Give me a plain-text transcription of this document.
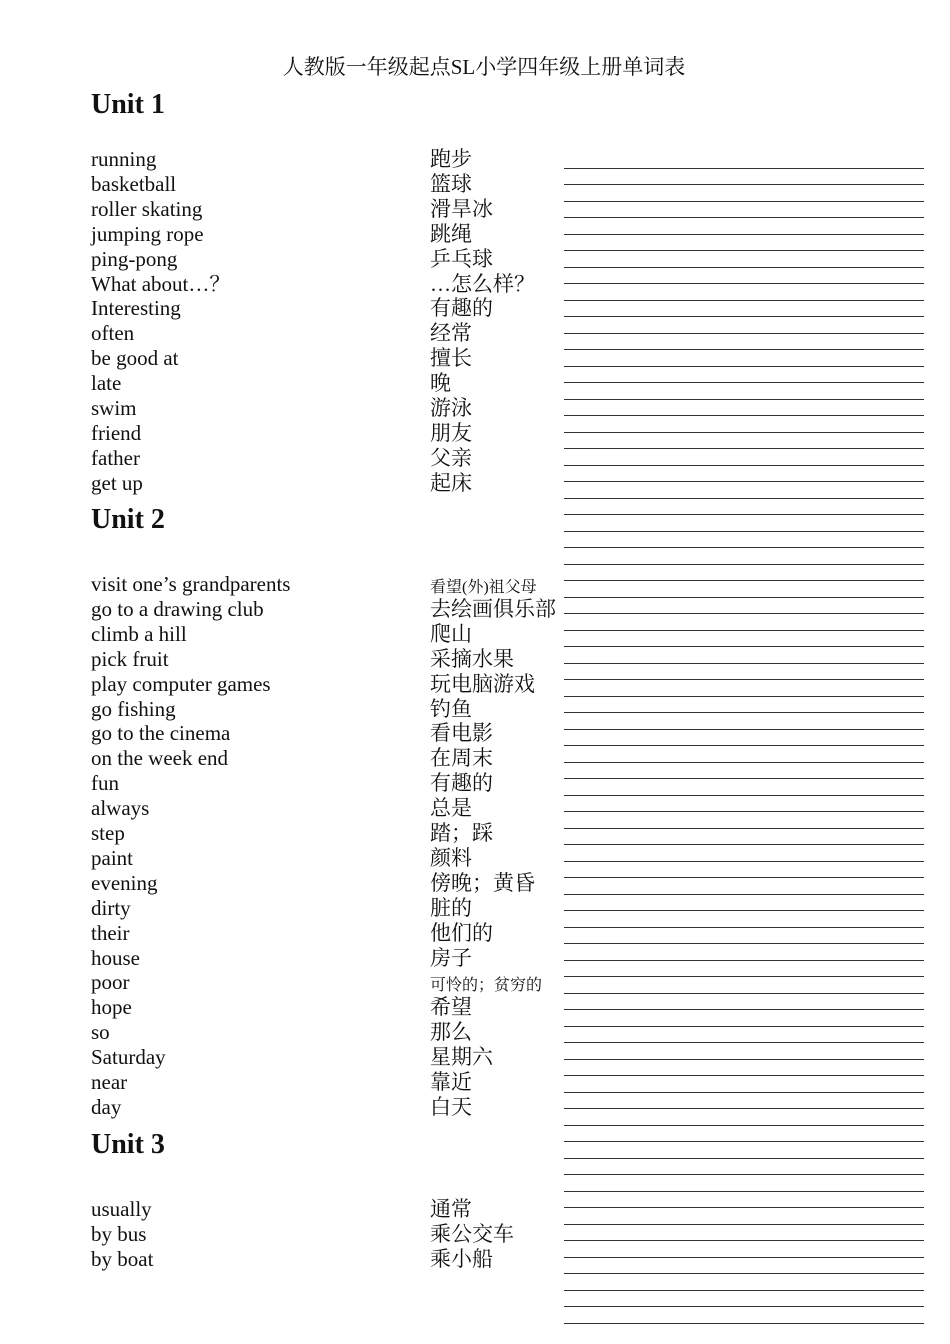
人教版一年级起点SL小学四年级上册单词表
Unit 1
running	跑步
basketball	篮球
roller skating	滑旱冰
jumping rope	跳绳
ping-pong	乒乓球
What about…？	…怎么样？
Interesting	有趣的
often	经常
be good at	擅长
late	晚
swim	游泳
friend	朋友
father	父亲
get up	起床
Unit 2
visit one’s grandparents	看望(外)祖父母
go to a drawing club	去绘画俱乐部
climb a hill	爬山
pick fruit	采摘水果
play computer games	玩电脑游戏
go fishing	钓鱼
go to the cinema	看电影
on the week end	在周末
fun	有趣的
always	总是
step	踏；踩
paint	颜料
evening	傍晚；黄昏
dirty	脏的
their	他们的
house	房子
poor	可怜的；贫穷的
hope	希望
so	那么
Saturday	星期六
near	靠近
day	白天
Unit 3
usually	通常
by bus	乘公交车
by boat	乘小船
